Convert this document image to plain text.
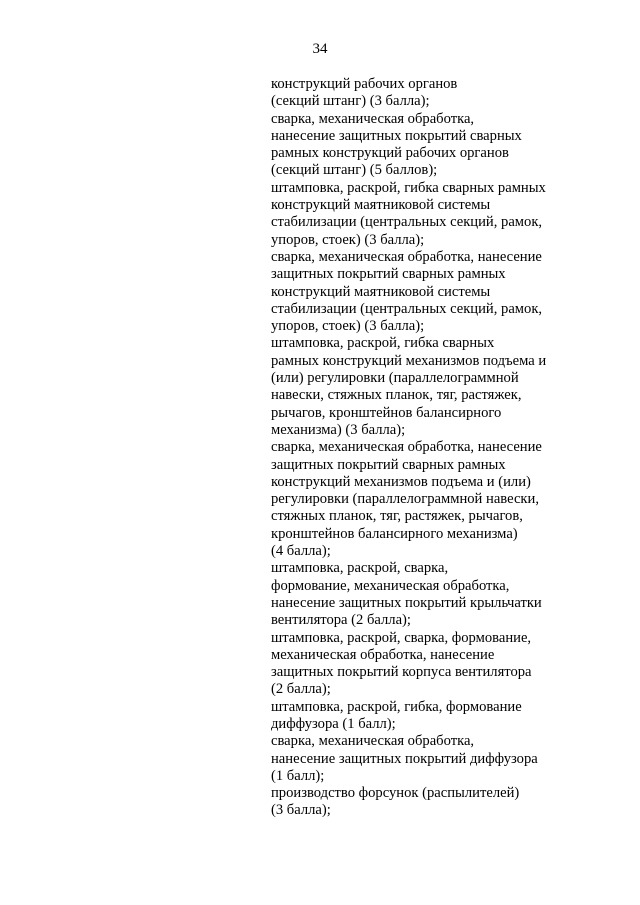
34
конструкций рабочих органов
(секций штанг) (3 балла);
сварка, механическая обработка,
нанесение защитных покрытий сварных
рамных конструкций рабочих органов
(секций штанг) (5 баллов);
штамповка, раскрой, гибка сварных рамных
конструкций маятниковой системы
стабилизации (центральных секций, рамок,
упоров, стоек) (3 балла);
сварка, механическая обработка, нанесение
защитных покрытий сварных рамных
конструкций маятниковой системы
стабилизации (центральных секций, рамок,
упоров, стоек) (3 балла);
штамповка, раскрой, гибка сварных
рамных конструкций механизмов подъема и
(или) регулировки (параллелограммной
навески, стяжных планок, тяг, растяжек,
рычагов, кронштейнов балансирного
механизма) (3 балла);
сварка, механическая обработка, нанесение
защитных покрытий сварных рамных
конструкций механизмов подъема и (или)
регулировки (параллелограммной навески,
стяжных планок, тяг, растяжек, рычагов,
кронштейнов балансирного механизма)
(4 балла);
штамповка, раскрой, сварка,
формование, механическая обработка,
нанесение защитных покрытий крыльчатки
вентилятора (2 балла);
штамповка, раскрой, сварка, формование,
механическая обработка, нанесение
защитных покрытий корпуса вентилятора
(2 балла);
штамповка, раскрой, гибка, формование
диффузора (1 балл);
сварка, механическая обработка,
нанесение защитных покрытий диффузора
(1 балл);
производство форсунок (распылителей)
(3 балла);
